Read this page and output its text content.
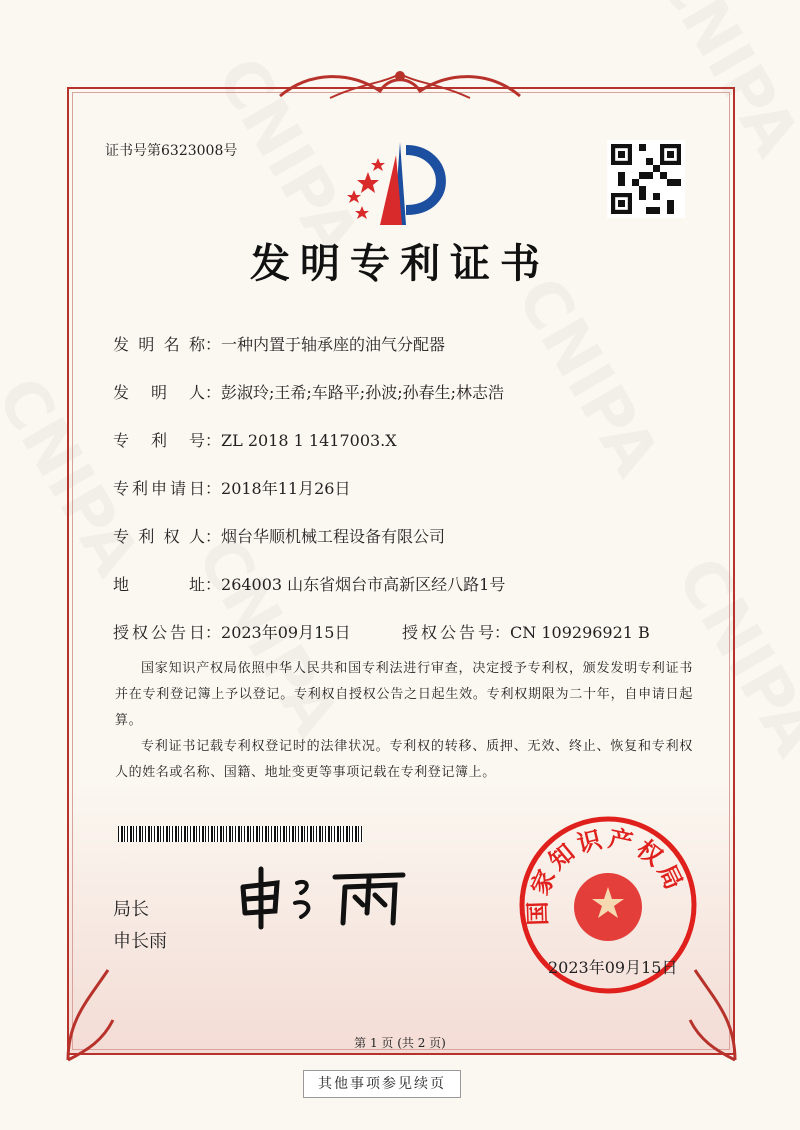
证书号第6323008号
发明专利证书
发明名称：一种内置于轴承座的油气分配器
发明人：彭淑玲;王希;车路平;孙波;孙春生;林志浩
专利号：ZL 2018 1 1417003.X
专利申请日：2018年11月26日
专利权人：烟台华顺机械工程设备有限公司
地址：264003 山东省烟台市高新区经八路1号
授权公告日：2023年09月15日	授权公告号：CN 109296921 B

国家知识产权局依照中华人民共和国专利法进行审查，决定授予专利权，颁发发明专利证书并在专利登记簿上予以登记。专利权自授权公告之日起生效。专利权期限为二十年，自申请日起算。

专利证书记载专利权登记时的法律状况。专利权的转移、质押、无效、终止、恢复和专利权人的姓名或名称、国籍、地址变更等事项记载在专利登记簿上。

局长
申长雨
国家知识产权局
2023年09月15日
第 1 页 (共 2 页)
其他事项参见续页
